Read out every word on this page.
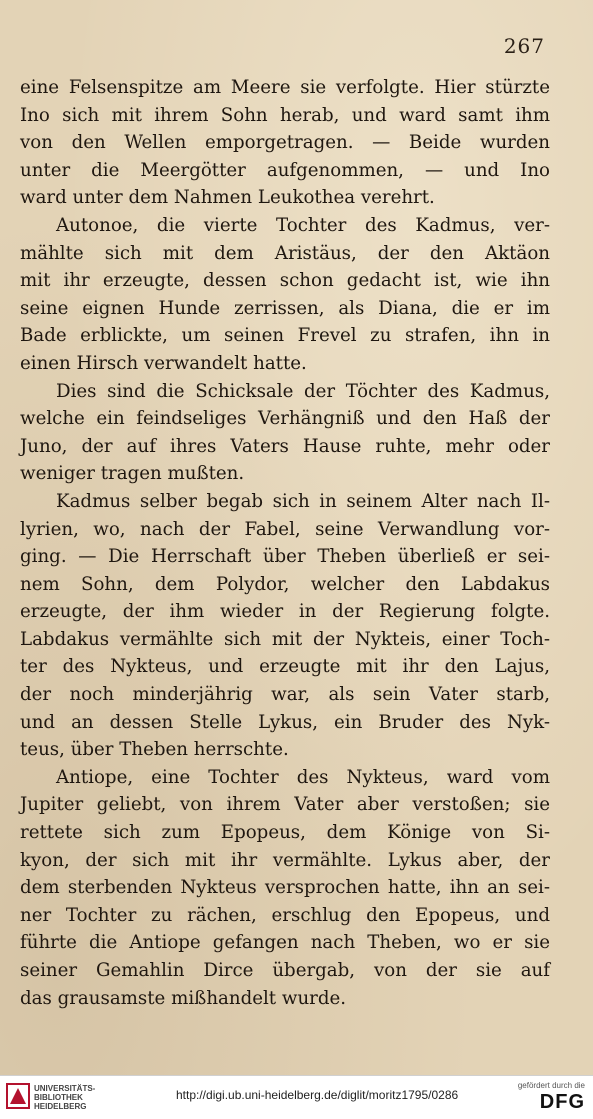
267
eine Felsenspitze am Meere sie verfolgte. Hier stürzte
Ino sich mit ihrem Sohn herab, und ward samt ihm
von den Wellen emporgetragen. — Beide wurden
unter die Meergötter aufgenommen, — und Ino
ward unter dem Nahmen Leukothea verehrt.
Autonoe, die vierte Tochter des Kadmus, ver-
mählte sich mit dem Aristäus, der den Aktäon
mit ihr erzeugte, dessen schon gedacht ist, wie ihn
seine eignen Hunde zerrissen, als Diana, die er im
Bade erblickte, um seinen Frevel zu strafen, ihn in
einen Hirsch verwandelt hatte.
Dies sind die Schicksale der Töchter des Kadmus,
welche ein feindseliges Verhängniß und den Haß der
Juno, der auf ihres Vaters Hause ruhte, mehr oder
weniger tragen mußten.
Kadmus selber begab sich in seinem Alter nach Il-
lyrien, wo, nach der Fabel, seine Verwandlung vor-
ging. — Die Herrschaft über Theben überließ er sei-
nem Sohn, dem Polydor, welcher den Labdakus
erzeugte, der ihm wieder in der Regierung folgte.
Labdakus vermählte sich mit der Nykteis, einer Toch-
ter des Nykteus, und erzeugte mit ihr den Lajus,
der noch minderjährig war, als sein Vater starb,
und an dessen Stelle Lykus, ein Bruder des Nyk-
teus, über Theben herrschte.
Antiope, eine Tochter des Nykteus, ward vom
Jupiter geliebt, von ihrem Vater aber verstoßen; sie
rettete sich zum Epopeus, dem Könige von Si-
kyon, der sich mit ihr vermählte. Lykus aber, der
dem sterbenden Nykteus versprochen hatte, ihn an sei-
ner Tochter zu rächen, erschlug den Epopeus, und
führte die Antiope gefangen nach Theben, wo er sie
seiner Gemahlin Dirce übergab, von der sie auf
das grausamste mißhandelt wurde.
UNIVERSITÄTS-
BIBLIOTHEK
HEIDELBERG
http://digi.ub.uni-heidelberg.de/diglit/moritz1795/0286
gefördert durch die
DFG
